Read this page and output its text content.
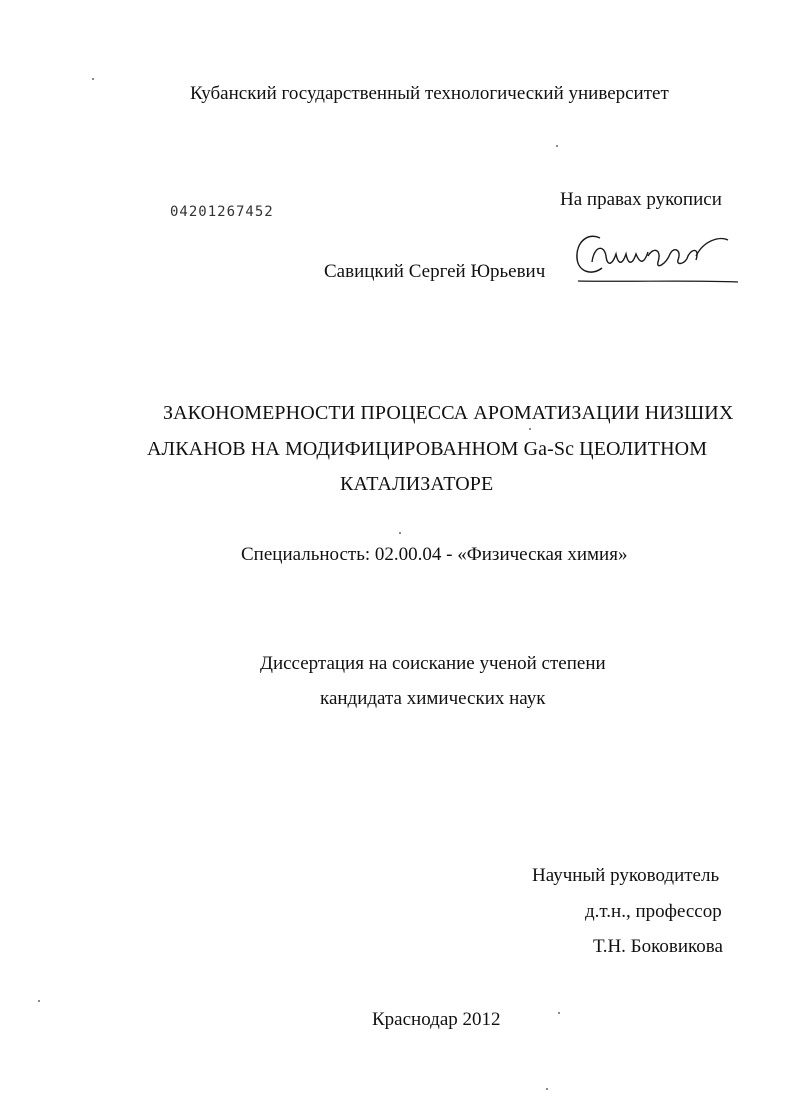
Кубанский государственный технологический университет
04201267452
На правах рукописи
Савицкий Сергей Юрьевич
ЗАКОНОМЕРНОСТИ ПРОЦЕССА АРОМАТИЗАЦИИ НИЗШИХ
АЛКАНОВ НА МОДИФИЦИРОВАННОМ Ga-Sc ЦЕОЛИТНОМ
КАТАЛИЗАТОРЕ
Специальность: 02.00.04 - «Физическая химия»
Диссертация на соискание ученой степени
кандидата химических наук
Научный руководитель
д.т.н., профессор
Т.Н. Боковикова
Краснодар 2012
